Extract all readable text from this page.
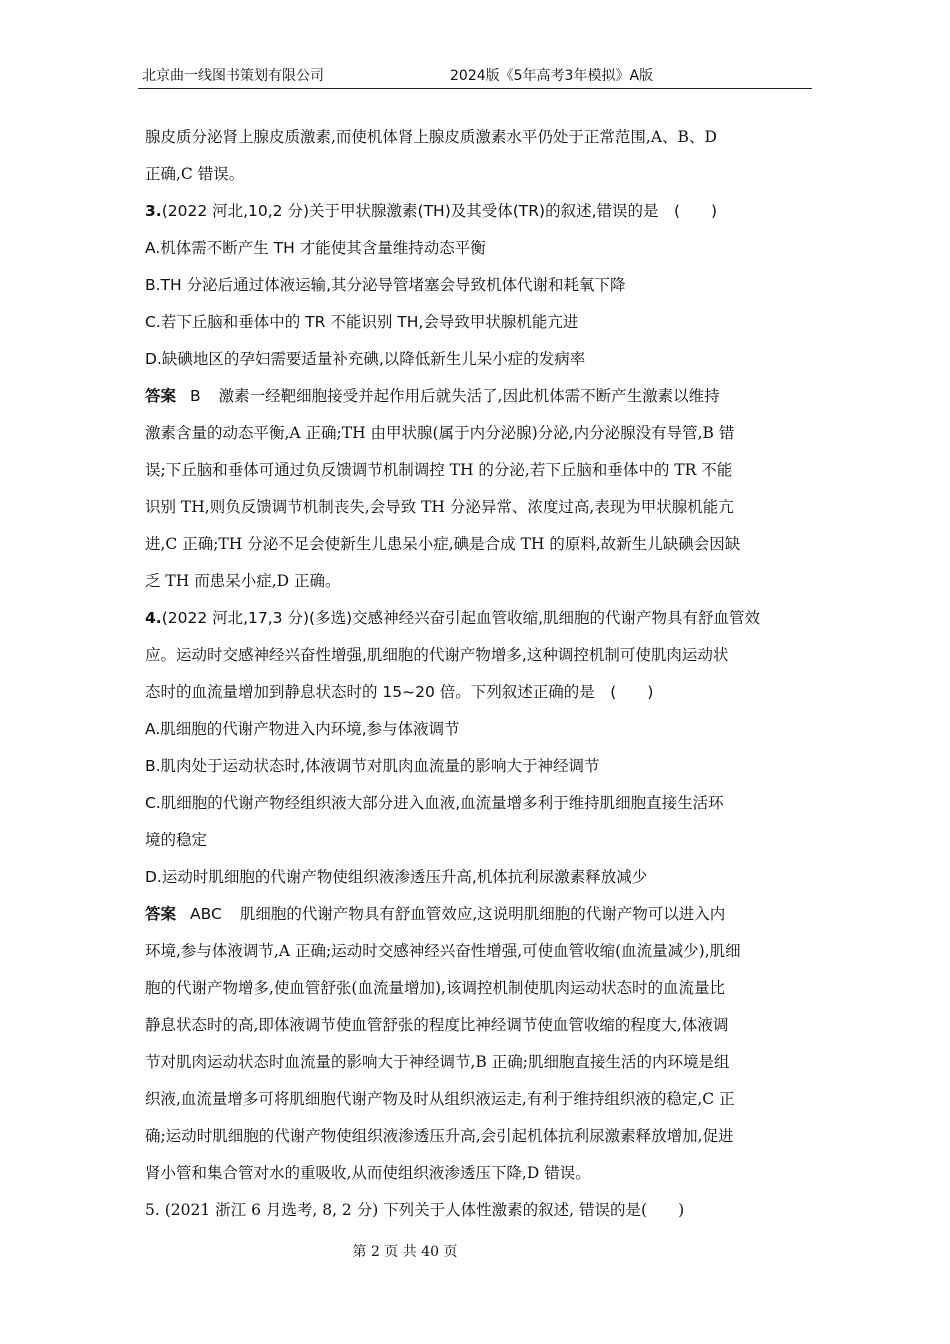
北京曲一线图书策划有限公司	2024版《5年高考3年模拟》A版

腺皮质分泌肾上腺皮质激素,而使机体肾上腺皮质激素水平仍处于正常范围,A、B、D

正确,C 错误。

3.(2022 河北,10,2 分)关于甲状腺激素(TH)及其受体(TR)的叙述,错误的是　(　　)

A.机体需不断产生 TH 才能使其含量维持动态平衡

B.TH 分泌后通过体液运输,其分泌导管堵塞会导致机体代谢和耗氧下降

C.若下丘脑和垂体中的 TR 不能识别 TH,会导致甲状腺机能亢进

D.缺碘地区的孕妇需要适量补充碘,以降低新生儿呆小症的发病率

答案 B 激素一经靶细胞接受并起作用后就失活了,因此机体需不断产生激素以维持

激素含量的动态平衡,A 正确;TH 由甲状腺(属于内分泌腺)分泌,内分泌腺没有导管,B 错

误;下丘脑和垂体可通过负反馈调节机制调控 TH 的分泌,若下丘脑和垂体中的 TR 不能

识别 TH,则负反馈调节机制丧失,会导致 TH 分泌异常、浓度过高,表现为甲状腺机能亢

进,C 正确;TH 分泌不足会使新生儿患呆小症,碘是合成 TH 的原料,故新生儿缺碘会因缺

乏 TH 而患呆小症,D 正确。

4.(2022 河北,17,3 分)(多选)交感神经兴奋引起血管收缩,肌细胞的代谢产物具有舒血管效

应。运动时交感神经兴奋性增强,肌细胞的代谢产物增多,这种调控机制可使肌肉运动状

态时的血流量增加到静息状态时的 15~20 倍。下列叙述正确的是　(　　)

A.肌细胞的代谢产物进入内环境,参与体液调节

B.肌肉处于运动状态时,体液调节对肌肉血流量的影响大于神经调节

C.肌细胞的代谢产物经组织液大部分进入血液,血流量增多利于维持肌细胞直接生活环

境的稳定

D.运动时肌细胞的代谢产物使组织液渗透压升高,机体抗利尿激素释放减少

答案 ABC 肌细胞的代谢产物具有舒血管效应,这说明肌细胞的代谢产物可以进入内

环境,参与体液调节,A 正确;运动时交感神经兴奋性增强,可使血管收缩(血流量减少),肌细

胞的代谢产物增多,使血管舒张(血流量增加),该调控机制使肌肉运动状态时的血流量比

静息状态时的高,即体液调节使血管舒张的程度比神经调节使血管收缩的程度大,体液调

节对肌肉运动状态时血流量的影响大于神经调节,B 正确;肌细胞直接生活的内环境是组

织液,血流量增多可将肌细胞代谢产物及时从组织液运走,有利于维持组织液的稳定,C 正

确;运动时肌细胞的代谢产物使组织液渗透压升高,会引起机体抗利尿激素释放增加,促进

肾小管和集合管对水的重吸收,从而使组织液渗透压下降,D 错误。

5. (2021 浙江 6 月选考, 8, 2 分) 下列关于人体性激素的叙述, 错误的是(　　)

第 2 页 共 40 页
